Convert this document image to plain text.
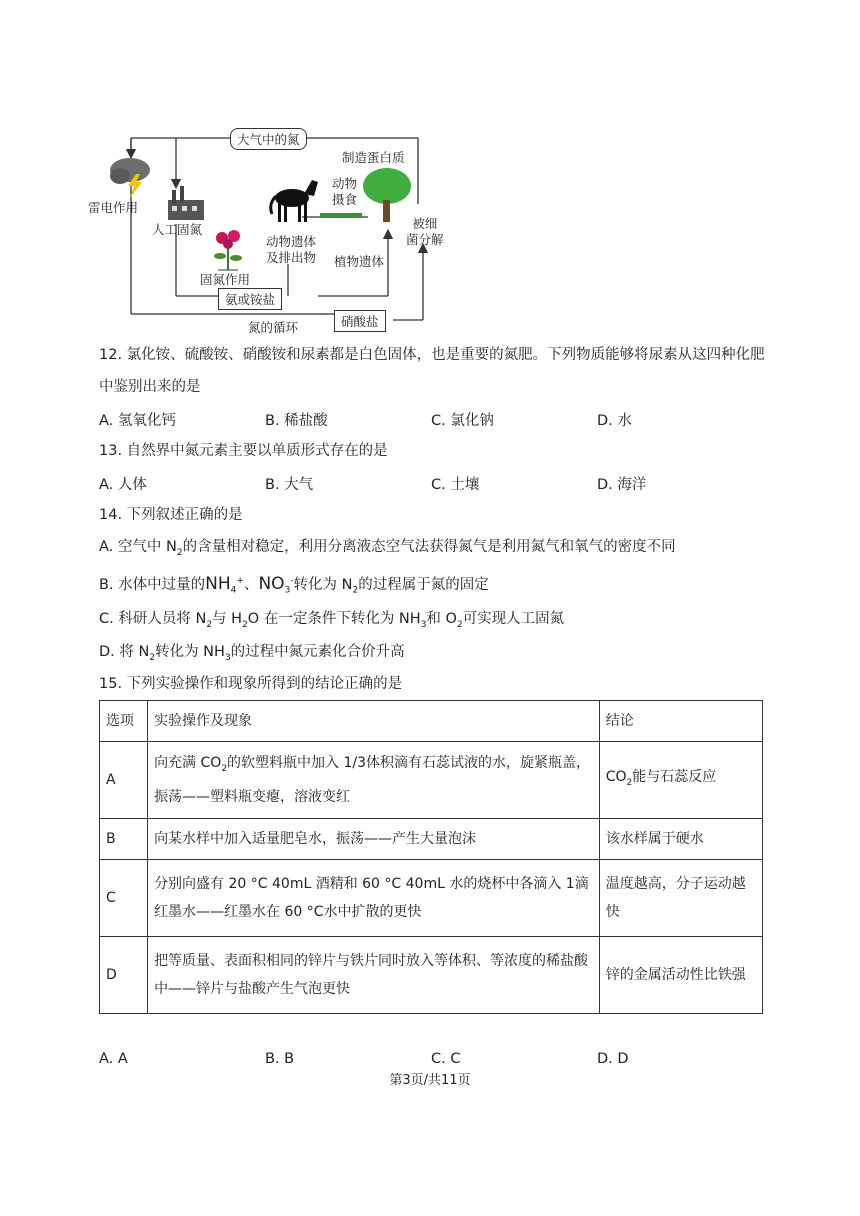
大气中的氮
雷电作用
人工固氮
固氮作用
动物遗体
及排出物
动物
摄食
制造蛋白质
植物遗体
被细
菌分解
氨或铵盐
硝酸盐
氮的循环
12. 氯化铵、硫酸铵、硝酸铵和尿素都是白色固体，也是重要的氮肥。下列物质能够将尿素从这四种化肥
中鉴别出来的是
A. 氢氧化钙	B. 稀盐酸	C. 氯化钠	D. 水
13. 自然界中氮元素主要以单质形式存在的是
A. 人体	B. 大气	C. 土壤	D. 海洋
14. 下列叙述正确的是
A. 空气中 $N_2$的含量相对稳定，利用分离液态空气法获得氮气是利用氮气和氧气的密度不同
B. 水体中过量的$NH_4^+$、$NO_3^-$转化为 $N_2$的过程属于氮的固定
C. 科研人员将 $N_2$与 $H_2O$ 在一定条件下转化为 $NH_3$和 $O_2$可实现人工固氮
D. 将 $N_2$转化为 $NH_3$的过程中氮元素化合价升高
15. 下列实验操作和现象所得到的结论正确的是
选项	实验操作及现象	结论
A	向充满 $CO_2$的软塑料瓶中加入 1/3体积滴有石蕊试液的水，旋紧瓶盖，振荡——塑料瓶变瘪，溶液变红	$CO_2$能与石蕊反应
B	向某水样中加入适量肥皂水，振荡——产生大量泡沫	该水样属于硬水
C	分别向盛有 20 °C 40mL 酒精和 60 °C 40mL 水的烧杯中各滴入 1滴红墨水——红墨水在 60 °C水中扩散的更快	温度越高，分子运动越快
D	把等质量、表面积相同的锌片与铁片同时放入等体积、等浓度的稀盐酸中——锌片与盐酸产生气泡更快	锌的金属活动性比铁强
A. A	B. B	C. C	D. D
第3页/共11页
